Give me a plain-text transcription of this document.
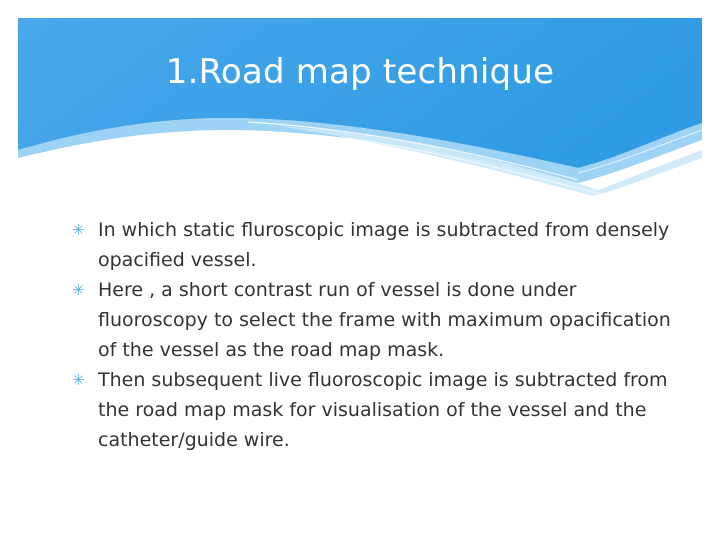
1.Road map technique
✳ In which static fluroscopic image is subtracted from densely opacified vessel.
✳ Here , a short contrast run of vessel is done under fluoroscopy to select the frame with maximum opacification of the vessel as the road map mask.
✳ Then subsequent live fluoroscopic image is subtracted from the road map mask for visualisation of the vessel and the catheter/guide wire.
